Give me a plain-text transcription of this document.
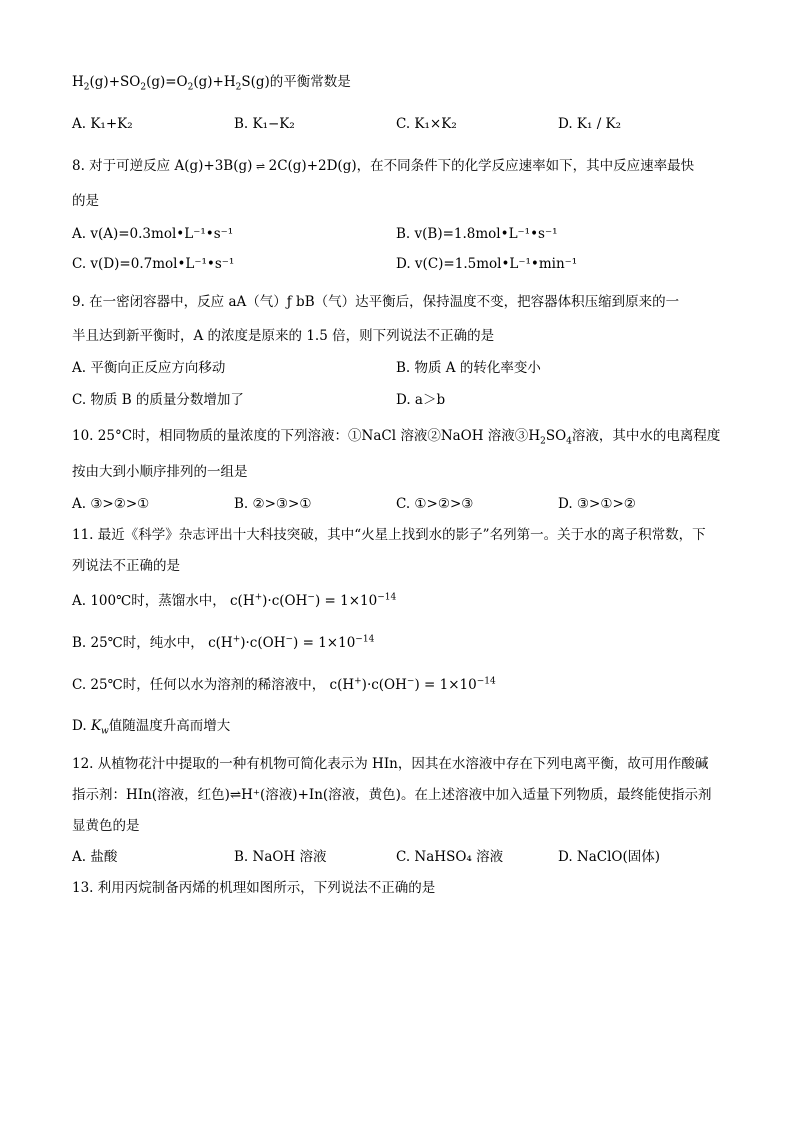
$H_2(g)+SO_2(g)=O_2(g)+H_2S(g)$的平衡常数是
A. K₁+K₂	B. K₁−K₂	C. K₁×K₂	D. K₁ / K₂
8. 对于可逆反应 A(g)+3B(g) ⇌ 2C(g)+2D(g)，在不同条件下的化学反应速率如下，其中反应速率最快
的是
A. v(A)=0.3mol•L⁻¹•s⁻¹	B. v(B)=1.8mol•L⁻¹•s⁻¹
C. v(D)=0.7mol•L⁻¹•s⁻¹	D. v(C)=1.5mol•L⁻¹•min⁻¹
9. 在一密闭容器中，反应 aA（气）ƒ bB（气）达平衡后，保持温度不变，把容器体积压缩到原来的一
半且达到新平衡时，A 的浓度是原来的 1.5 倍，则下列说法不正确的是
A. 平衡向正反应方向移动	B. 物质 A 的转化率变小
C. 物质 B 的质量分数增加了	D. a＞b
10. 25°C时，相同物质的量浓度的下列溶液：①NaCl 溶液②NaOH 溶液$③H_2SO_4$溶液，其中水的电离程度
按由大到小顺序排列的一组是
A. ③>②>①	B. ②>③>①	C. ①>②>③	D. ③>①>②
11. 最近《科学》杂志评出十大科技突破，其中“火星上找到水的影子”名列第一。关于水的离子积常数，下
列说法不正确的是
A. 100℃时，蒸馏水中， $c(H^+)\cdot c(OH^-) = 1\times 10^{-14}$
B. 25℃时，纯水中， $c(H^+)\cdot c(OH^-) = 1\times 10^{-14}$
C. 25℃时，任何以水为溶剂的稀溶液中， $c(H^+)\cdot c(OH^-) = 1\times 10^{-14}$
D. $K_w$值随温度升高而增大
12. 从植物花汁中提取的一种有机物可简化表示为 HIn，因其在水溶液中存在下列电离平衡，故可用作酸碱
指示剂：HIn(溶液，红色)⇌H⁺(溶液)+In(溶液，黄色)。在上述溶液中加入适量下列物质，最终能使指示剂
显黄色的是
A. 盐酸	B. NaOH 溶液	C. NaHSO₄ 溶液	D. NaClO(固体)
13. 利用丙烷制备丙烯的机理如图所示，下列说法不正确的是
